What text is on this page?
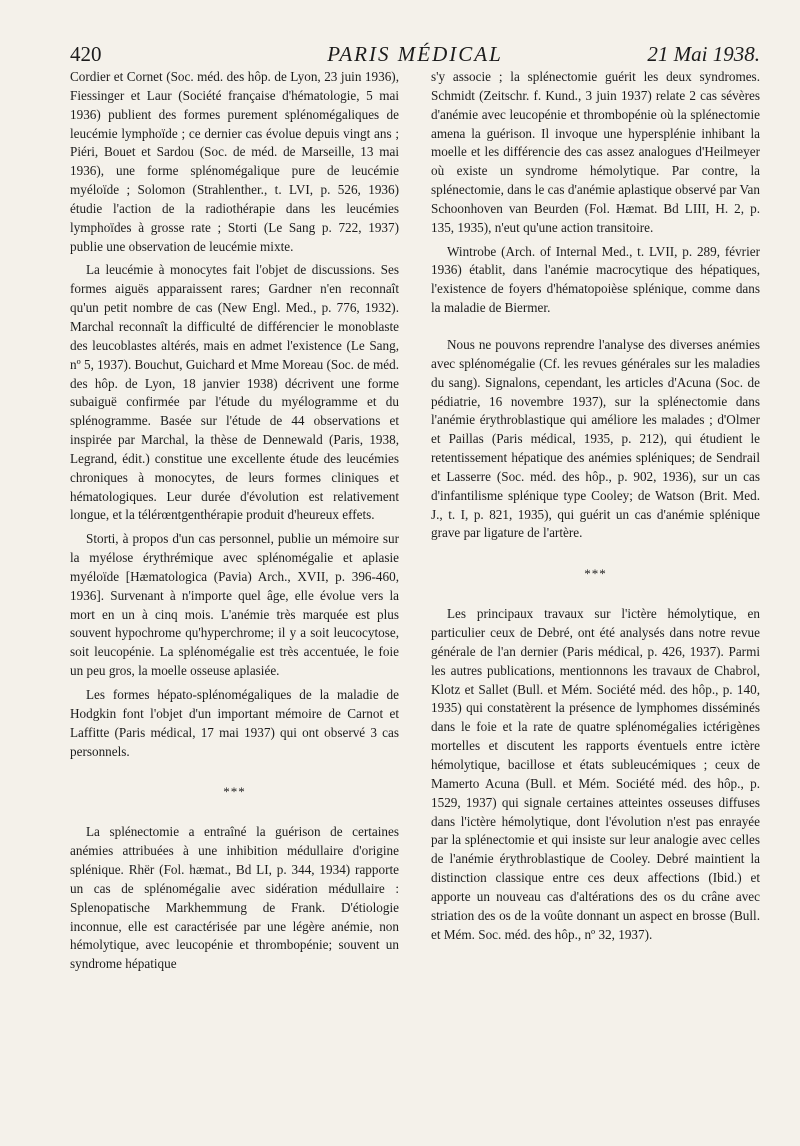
420	PARIS MÉDICAL	21 Mai 1938.

Cordier et Cornet (Soc. méd. des hôp. de Lyon, 23 juin 1936), Fiessinger et Laur (Société française d'hématologie, 5 mai 1936) publient des formes purement splénomégaliques de leucémie lymphoïde ; ce dernier cas évolue depuis vingt ans ; Piéri, Bouet et Sardou (Soc. de méd. de Marseille, 13 mai 1936), une forme splénomégalique pure de leucémie myéloïde ; Solomon (Strahlenther., t. LVI, p. 526, 1936) étudie l'action de la radiothérapie dans les leucémies lymphoïdes à grosse rate ; Storti (Le Sang p. 722, 1937) publie une observation de leucémie mixte.

La leucémie à monocytes fait l'objet de discussions. Ses formes aiguës apparaissent rares; Gardner n'en reconnaît qu'un petit nombre de cas (New Engl. Med., p. 776, 1932). Marchal reconnaît la difficulté de différencier le monoblaste des leucoblastes altérés, mais en admet l'existence (Le Sang, nº 5, 1937). Bouchut, Guichard et Mme Moreau (Soc. de méd. des hôp. de Lyon, 18 janvier 1938) décrivent une forme subaiguë confirmée par l'étude du myélogramme et du splénogramme. Basée sur l'étude de 44 observations et inspirée par Marchal, la thèse de Dennewald (Paris, 1938, Legrand, édit.) constitue une excellente étude des leucémies chroniques à monocytes, de leurs formes cliniques et hématologiques. Leur durée d'évolution est relativement longue, et la télérœntgenthérapie produit d'heureux effets.

Storti, à propos d'un cas personnel, publie un mémoire sur la myélose érythrémique avec splénomégalie et aplasie myéloïde [Hæmatologica (Pavia) Arch., XVII, p. 396-460, 1936]. Survenant à n'importe quel âge, elle évolue vers la mort en un à cinq mois. L'anémie très marquée est plus souvent hypochrome qu'hyperchrome; il y a soit leucocytose, soit leucopénie. La splénomégalie est très accentuée, le foie un peu gros, la moelle osseuse aplasiée.

Les formes hépato-splénomégaliques de la maladie de Hodgkin font l'objet d'un important mémoire de Carnot et Laffitte (Paris médical, 17 mai 1937) qui ont observé 3 cas personnels.

***

La splénectomie a entraîné la guérison de certaines anémies attribuées à une inhibition médullaire d'origine splénique. Rhër (Fol. hæmat., Bd LI, p. 344, 1934) rapporte un cas de splénomégalie avec sidération médullaire : Splenopatische Markhemmung de Frank. D'étiologie inconnue, elle est caractérisée par une légère anémie, non hémolytique, avec leucopénie et thrombopénie; souvent un syndrome hépatique

s'y associe ; la splénectomie guérit les deux syndromes. Schmidt (Zeitschr. f. Kund., 3 juin 1937) relate 2 cas sévères d'anémie avec leucopénie et thrombopénie où la splénectomie amena la guérison. Il invoque une hypersplénie inhibant la moelle et les différencie des cas assez analogues d'Heilmeyer où existe un syndrome hémolytique. Par contre, la splénectomie, dans le cas d'anémie aplastique observé par Van Schoonhoven van Beurden (Fol. Hæmat. Bd LIII, H. 2, p. 135, 1935), n'eut qu'une action transitoire.

Wintrobe (Arch. of Internal Med., t. LVII, p. 289, février 1936) établit, dans l'anémie macrocytique des hépatiques, l'existence de foyers d'hématopoièse splénique, comme dans la maladie de Biermer.

Nous ne pouvons reprendre l'analyse des diverses anémies avec splénomégalie (Cf. les revues générales sur les maladies du sang). Signalons, cependant, les articles d'Acuna (Soc. de pédiatrie, 16 novembre 1937), sur la splénectomie dans l'anémie érythroblastique qui améliore les malades ; d'Olmer et Paillas (Paris médical, 1935, p. 212), qui étudient le retentissement hépatique des anémies spléniques; de Sendrail et Lasserre (Soc. méd. des hôp., p. 902, 1936), sur un cas d'infantilisme splénique type Cooley; de Watson (Brit. Med. J., t. I, p. 821, 1935), qui guérit un cas d'anémie splénique grave par ligature de l'artère.

***

Les principaux travaux sur l'ictère hémolytique, en particulier ceux de Debré, ont été analysés dans notre revue générale de l'an dernier (Paris médical, p. 426, 1937). Parmi les autres publications, mentionnons les travaux de Chabrol, Klotz et Sallet (Bull. et Mém. Société méd. des hôp., p. 140, 1935) qui constatèrent la présence de lymphomes disséminés dans le foie et la rate de quatre splénomégalies ictérigènes mortelles et discutent les rapports éventuels entre ictère hémolytique, bacillose et états subleucémiques ; ceux de Mamerto Acuna (Bull. et Mém. Société méd. des hôp., p. 1529, 1937) qui signale certaines atteintes osseuses diffuses dans l'ictère hémolytique, dont l'évolution n'est pas enrayée par la splénectomie et qui insiste sur leur analogie avec celles de l'anémie érythroblastique de Cooley. Debré maintient la distinction classique entre ces deux affections (Ibid.) et apporte un nouveau cas d'altérations des os du crâne avec striation des os de la voûte donnant un aspect en brosse (Bull. et Mém. Soc. méd. des hôp., nº 32, 1937).
